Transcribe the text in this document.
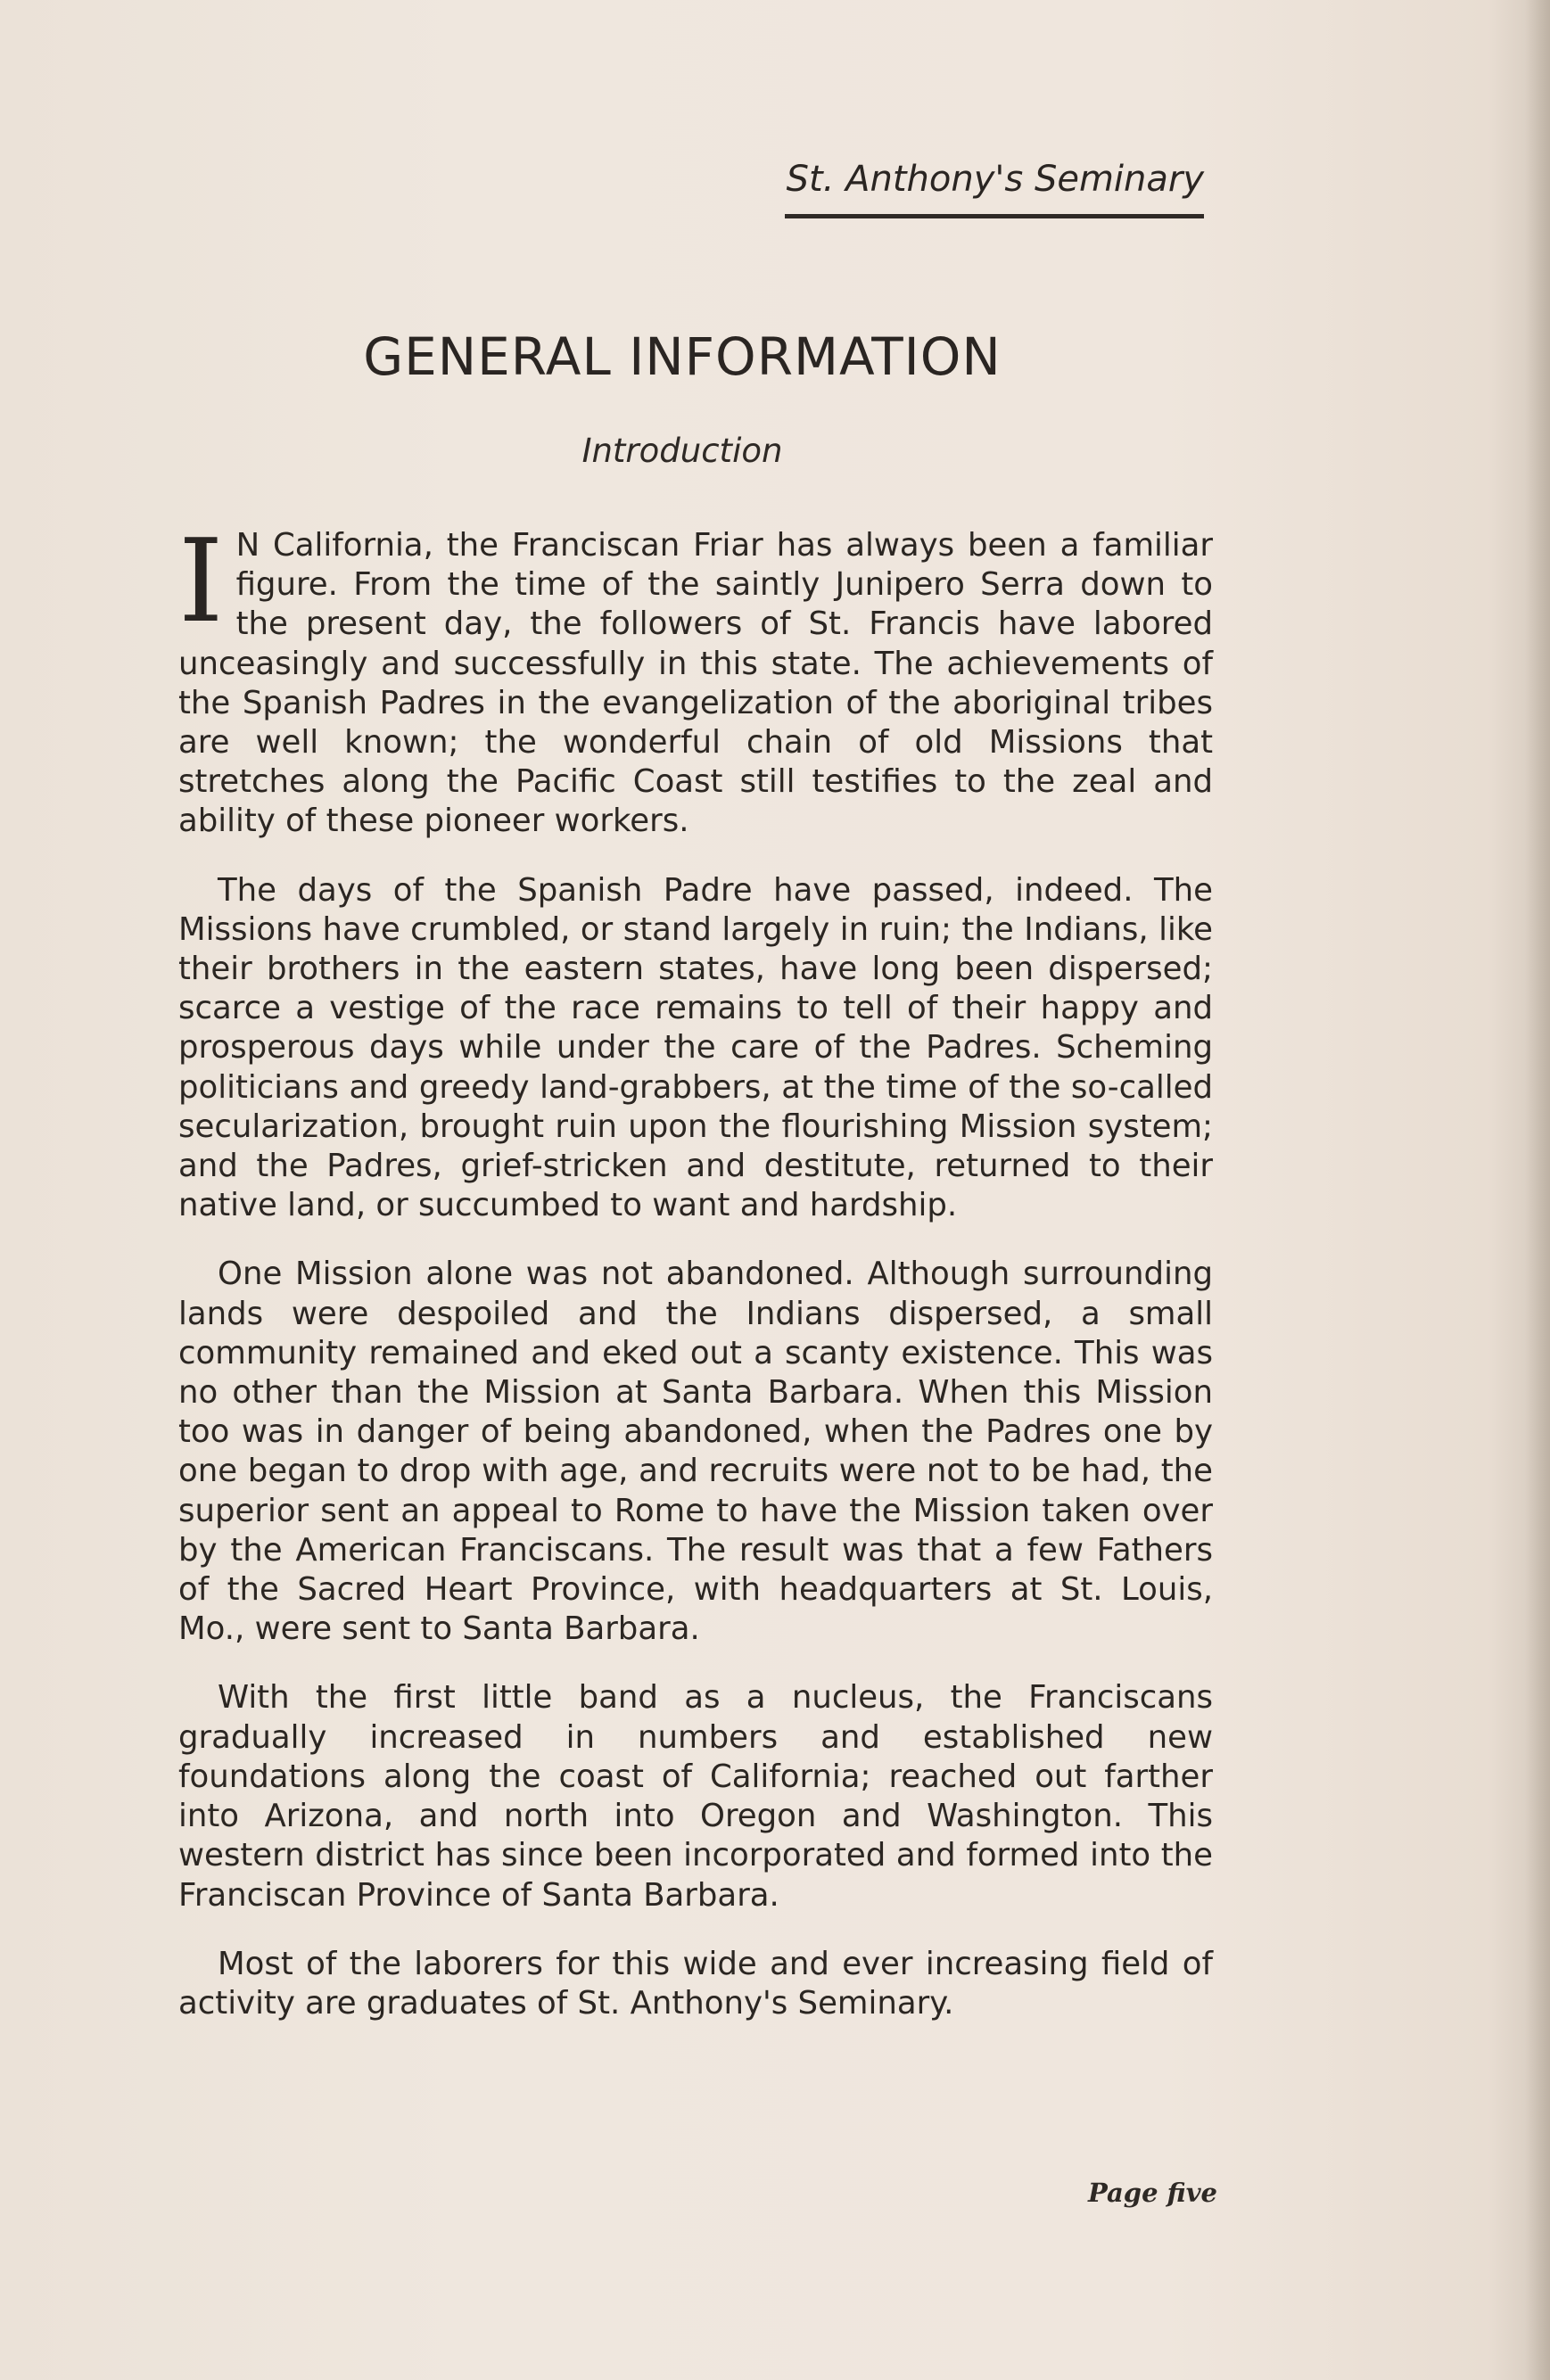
St. Anthony's Seminary
GENERAL INFORMATION
Introduction

I N California, the Franciscan Friar has always been a familiar figure. From the time of the saintly Junipero Serra down to the present day, the followers of St. Francis have labored unceasingly and successfully in this state. The achievements of the Spanish Padres in the evangelization of the aboriginal tribes are well known; the wonderful chain of old Missions that stretches along the Pacific Coast still testifies to the zeal and ability of these pioneer workers.

The days of the Spanish Padre have passed, indeed. The Missions have crumbled, or stand largely in ruin; the Indians, like their brothers in the eastern states, have long been dispersed; scarce a vestige of the race remains to tell of their happy and prosperous days while under the care of the Padres. Scheming politicians and greedy land-grabbers, at the time of the so-called secularization, brought ruin upon the flourishing Mission system; and the Padres, grief-stricken and destitute, returned to their native land, or succumbed to want and hardship.

One Mission alone was not abandoned. Although surrounding lands were despoiled and the Indians dispersed, a small community remained and eked out a scanty existence. This was no other than the Mission at Santa Barbara. When this Mission too was in danger of being abandoned, when the Padres one by one began to drop with age, and recruits were not to be had, the superior sent an appeal to Rome to have the Mission taken over by the American Franciscans. The result was that a few Fathers of the Sacred Heart Province, with headquarters at St. Louis, Mo., were sent to Santa Barbara.

With the first little band as a nucleus, the Franciscans gradually increased in numbers and established new foundations along the coast of California; reached out farther into Arizona, and north into Oregon and Washington. This western district has since been incorporated and formed into the Franciscan Province of Santa Barbara.

Most of the laborers for this wide and ever increasing field of activity are graduates of St. Anthony's Seminary.

Page five
